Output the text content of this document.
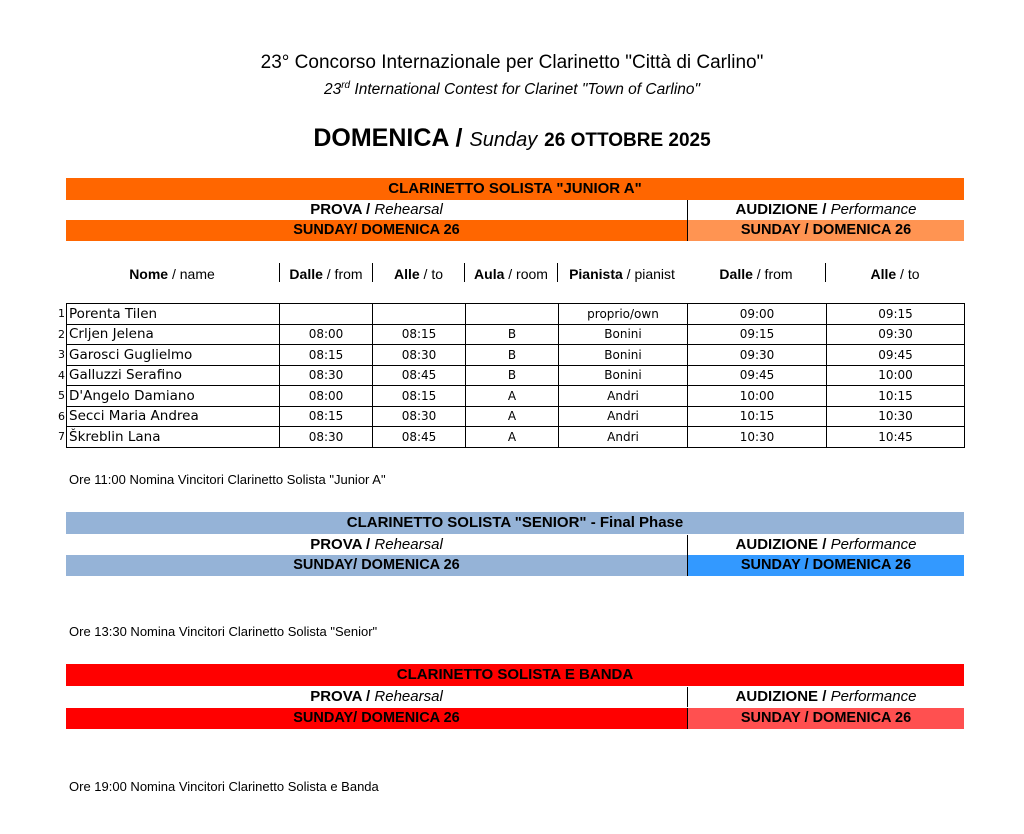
23° Concorso Internazionale per Clarinetto "Città di Carlino"
23rd International Contest for Clarinet "Town of Carlino"
DOMENICA / Sunday 26 OTTOBRE 2025
CLARINETTO SOLISTA "JUNIOR A"
PROVA / Rehearsal	AUDIZIONE / Performance
SUNDAY/ DOMENICA 26	SUNDAY / DOMENICA 26
Nome / name	Dalle / from	Alle / to	Aula / room	Pianista / pianist	Dalle / from	Alle / to
1	Porenta Tilen				proprio/own	09:00	09:15
2	Crljen Jelena	08:00	08:15	B	Bonini	09:15	09:30
3	Garosci Guglielmo	08:15	08:30	B	Bonini	09:30	09:45
4	Galluzzi Serafino	08:30	08:45	B	Bonini	09:45	10:00
5	D'Angelo Damiano	08:00	08:15	A	Andri	10:00	10:15
6	Secci Maria Andrea	08:15	08:30	A	Andri	10:15	10:30
7	Škreblin Lana	08:30	08:45	A	Andri	10:30	10:45
Ore 11:00 Nomina Vincitori Clarinetto Solista "Junior A"
CLARINETTO SOLISTA "SENIOR" - Final Phase
PROVA / Rehearsal	AUDIZIONE / Performance
SUNDAY/ DOMENICA 26	SUNDAY / DOMENICA 26
Ore 13:30 Nomina Vincitori Clarinetto Solista "Senior"
CLARINETTO SOLISTA E BANDA
PROVA / Rehearsal	AUDIZIONE / Performance
SUNDAY/ DOMENICA 26	SUNDAY / DOMENICA 26
Ore 19:00 Nomina Vincitori Clarinetto Solista e Banda
